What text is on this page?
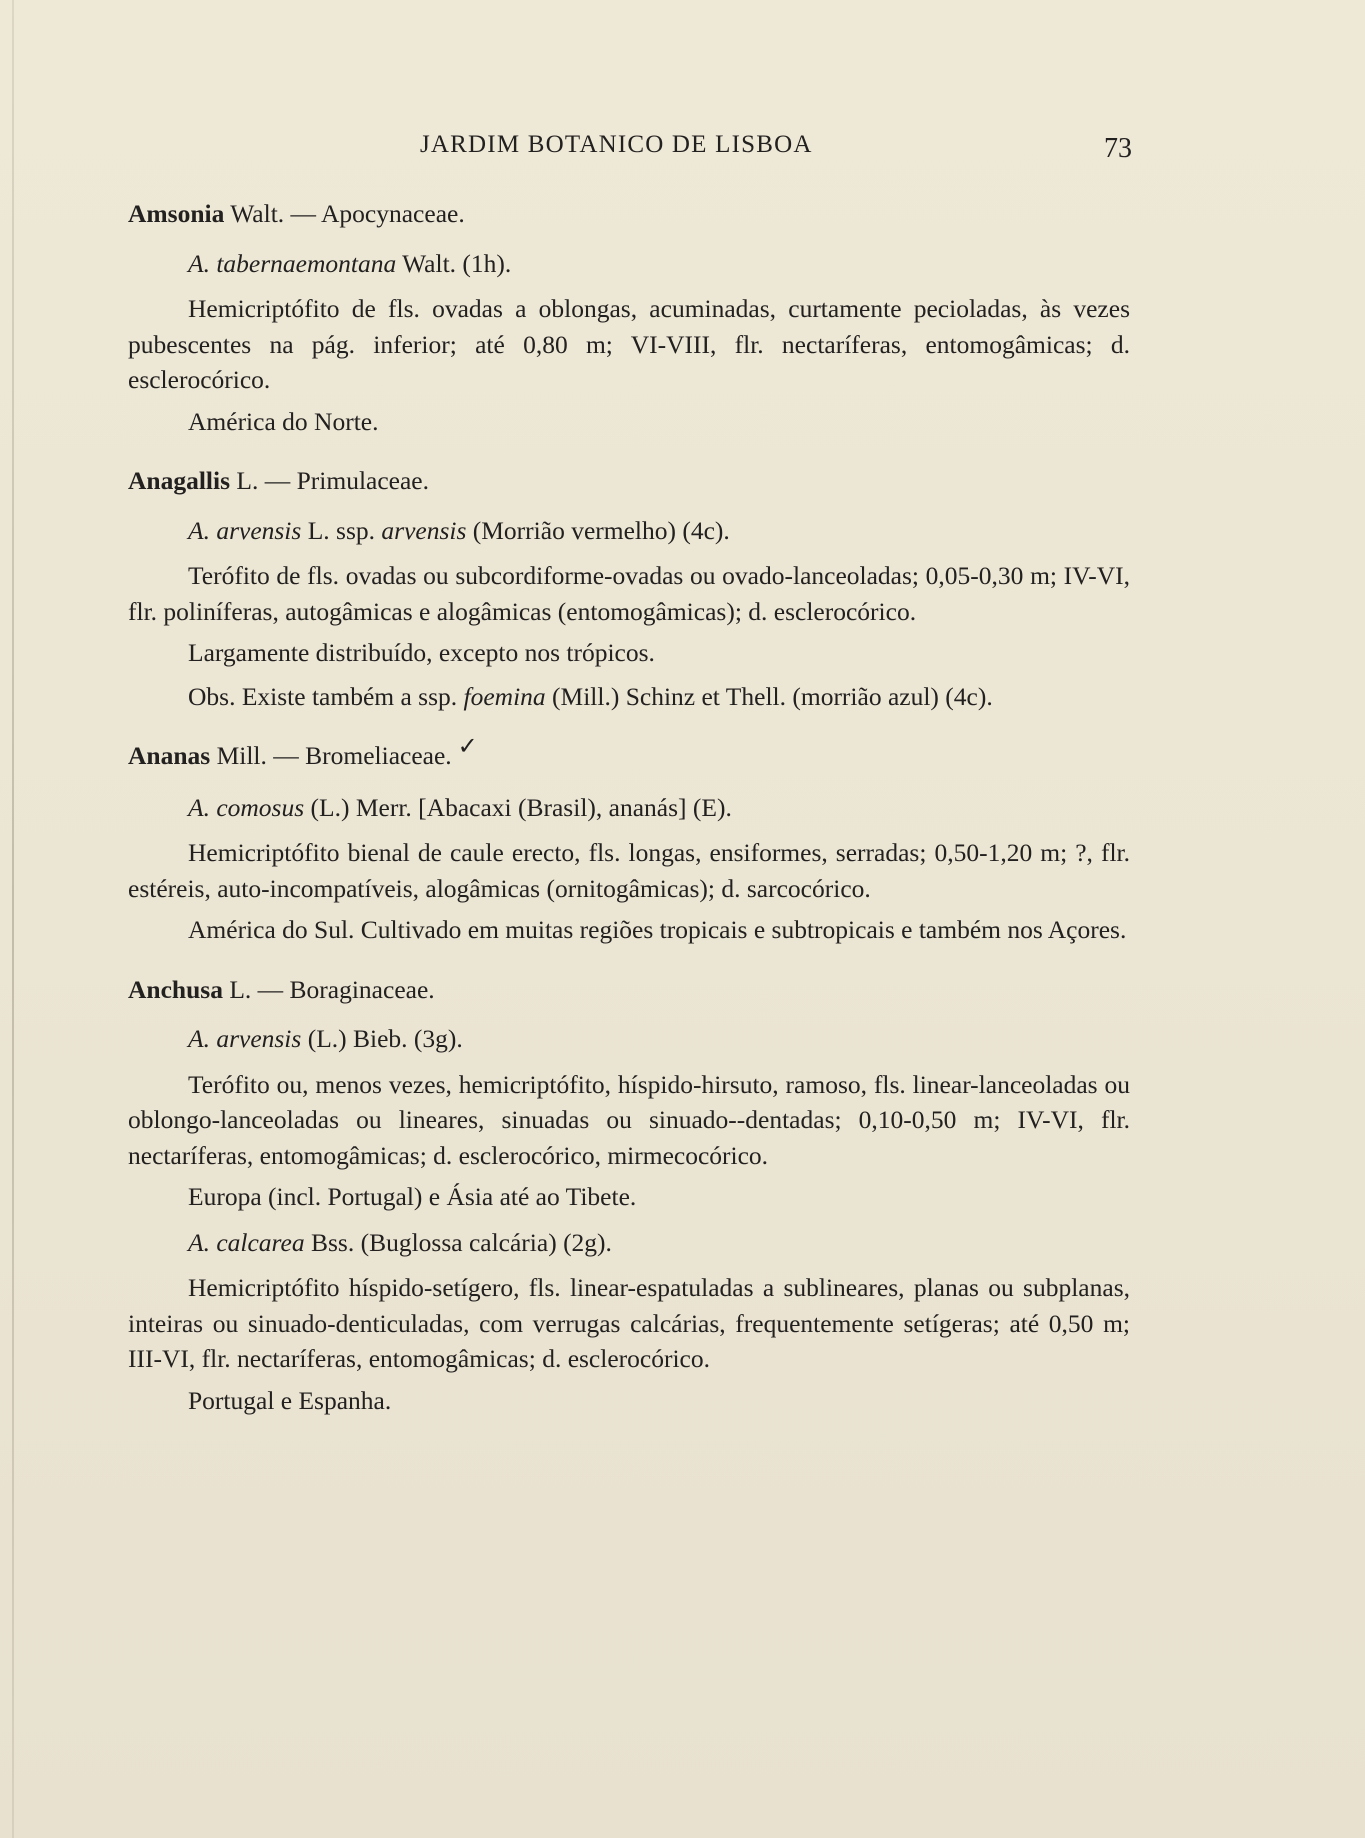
JARDIM BOTANICO DE LISBOA	73

Amsonia Walt. — Apocynaceae.

A. tabernaemontana Walt. (1h).

Hemicriptófito de fls. ovadas a oblongas, acuminadas, curtamente pecioladas, às vezes pubescentes na pág. inferior; até 0,80 m; VI-VIII, flr. nectaríferas, entomogâmicas; d. esclerocórico.

América do Norte.

Anagallis L. — Primulaceae.

A. arvensis L. ssp. arvensis (Morrião vermelho) (4c).

Terófito de fls. ovadas ou subcordiforme-ovadas ou ovado-lanceoladas; 0,05-0,30 m; IV-VI, flr. poliníferas, autogâmicas e alogâmicas (entomogâmicas); d. esclerocórico.

Largamente distribuído, excepto nos trópicos.

Obs. Existe também a ssp. foemina (Mill.) Schinz et Thell. (morrião azul) (4c).

Ananas Mill. — Bromeliaceae. ✓

A. comosus (L.) Merr. [Abacaxi (Brasil), ananás] (E).

Hemicriptófito bienal de caule erecto, fls. longas, ensiformes, serradas; 0,50-1,20 m; ?, flr. estéreis, auto-incompatíveis, alogâmicas (ornitogâmicas); d. sarcocórico.

América do Sul. Cultivado em muitas regiões tropicais e subtropicais e também nos Açores.

Anchusa L. — Boraginaceae.

A. arvensis (L.) Bieb. (3g).

Terófito ou, menos vezes, hemicriptófito, híspido-hirsuto, ramoso, fls. linear-lanceoladas ou oblongo-lanceoladas ou lineares, sinuadas ou sinuado--dentadas; 0,10-0,50 m; IV-VI, flr. nectaríferas, entomogâmicas; d. esclerocórico, mirmecocórico.

Europa (incl. Portugal) e Ásia até ao Tibete.

A. calcarea Bss. (Buglossa calcária) (2g).

Hemicriptófito híspido-setígero, fls. linear-espatuladas a sublineares, planas ou subplanas, inteiras ou sinuado-denticuladas, com verrugas calcárias, frequentemente setígeras; até 0,50 m; III-VI, flr. nectaríferas, entomogâmicas; d. esclerocórico.

Portugal e Espanha.
